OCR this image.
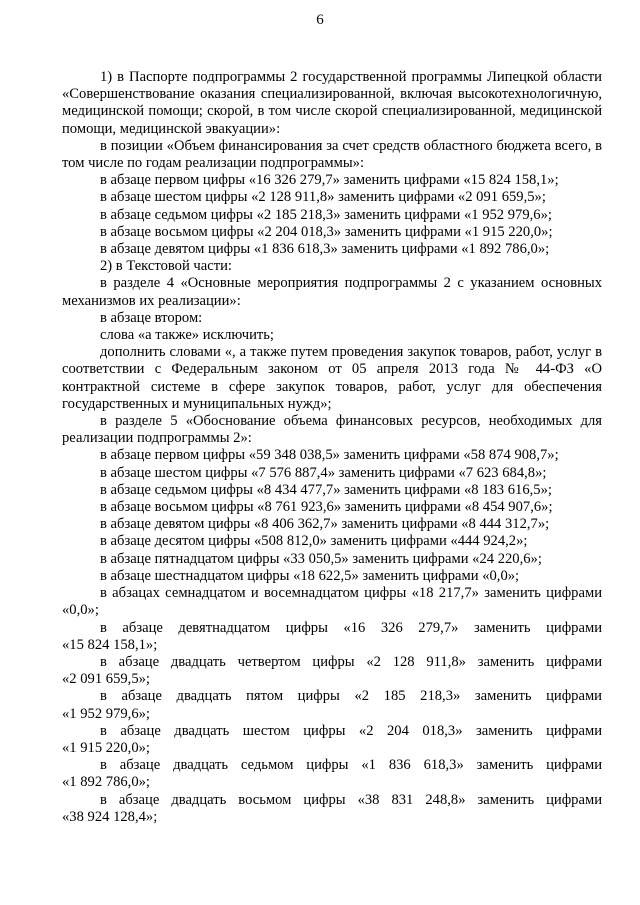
6

1) в Паспорте подпрограммы 2 государственной программы Липецкой области «Совершенствование оказания специализированной, включая высокотехнологичную, медицинской помощи; скорой, в том числе скорой специализированной, медицинской помощи, медицинской эвакуации»:

в позиции «Объем финансирования за счет средств областного бюджета всего, в том числе по годам реализации подпрограммы»:

в абзаце первом цифры «16 326 279,7» заменить цифрами «15 824 158,1»;

в абзаце шестом цифры «2 128 911,8» заменить цифрами «2 091 659,5»;

в абзаце седьмом цифры «2 185 218,3» заменить цифрами «1 952 979,6»;

в абзаце восьмом цифры «2 204 018,3» заменить цифрами «1 915 220,0»;

в абзаце девятом цифры «1 836 618,3» заменить цифрами «1 892 786,0»;

2) в Текстовой части:

в разделе 4 «Основные мероприятия подпрограммы 2 с указанием основных механизмов их реализации»:

в абзаце втором:

слова «а также» исключить;

дополнить словами «, а также путем проведения закупок товаров, работ, услуг в соответствии с Федеральным законом от 05 апреля 2013 года № 44-ФЗ «О контрактной системе в сфере закупок товаров, работ, услуг для обеспечения государственных и муниципальных нужд»;

в разделе 5 «Обоснование объема финансовых ресурсов, необходимых для реализации подпрограммы 2»:

в абзаце первом цифры «59 348 038,5» заменить цифрами «58 874 908,7»;

в абзаце шестом цифры «7 576 887,4» заменить цифрами «7 623 684,8»;

в абзаце седьмом цифры «8 434 477,7» заменить цифрами «8 183 616,5»;

в абзаце восьмом цифры «8 761 923,6» заменить цифрами «8 454 907,6»;

в абзаце девятом цифры «8 406 362,7» заменить цифрами «8 444 312,7»;

в абзаце десятом цифры «508 812,0» заменить цифрами «444 924,2»;

в абзаце пятнадцатом цифры «33 050,5» заменить цифрами «24 220,6»;

в абзаце шестнадцатом цифры «18 622,5» заменить цифрами «0,0»;

в абзацах семнадцатом и восемнадцатом цифры «18 217,7» заменить цифрами «0,0»;

в абзаце девятнадцатом цифры «16 326 279,7» заменить цифрами

«15 824 158,1»;

в абзаце двадцать четвертом цифры «2 128 911,8» заменить цифрами

«2 091 659,5»;

в абзаце двадцать пятом цифры «2 185 218,3» заменить цифрами

«1 952 979,6»;

в абзаце двадцать шестом цифры «2 204 018,3» заменить цифрами

«1 915 220,0»;

в абзаце двадцать седьмом цифры «1 836 618,3» заменить цифрами

«1 892 786,0»;

в абзаце двадцать восьмом цифры «38 831 248,8» заменить цифрами

«38 924 128,4»;
